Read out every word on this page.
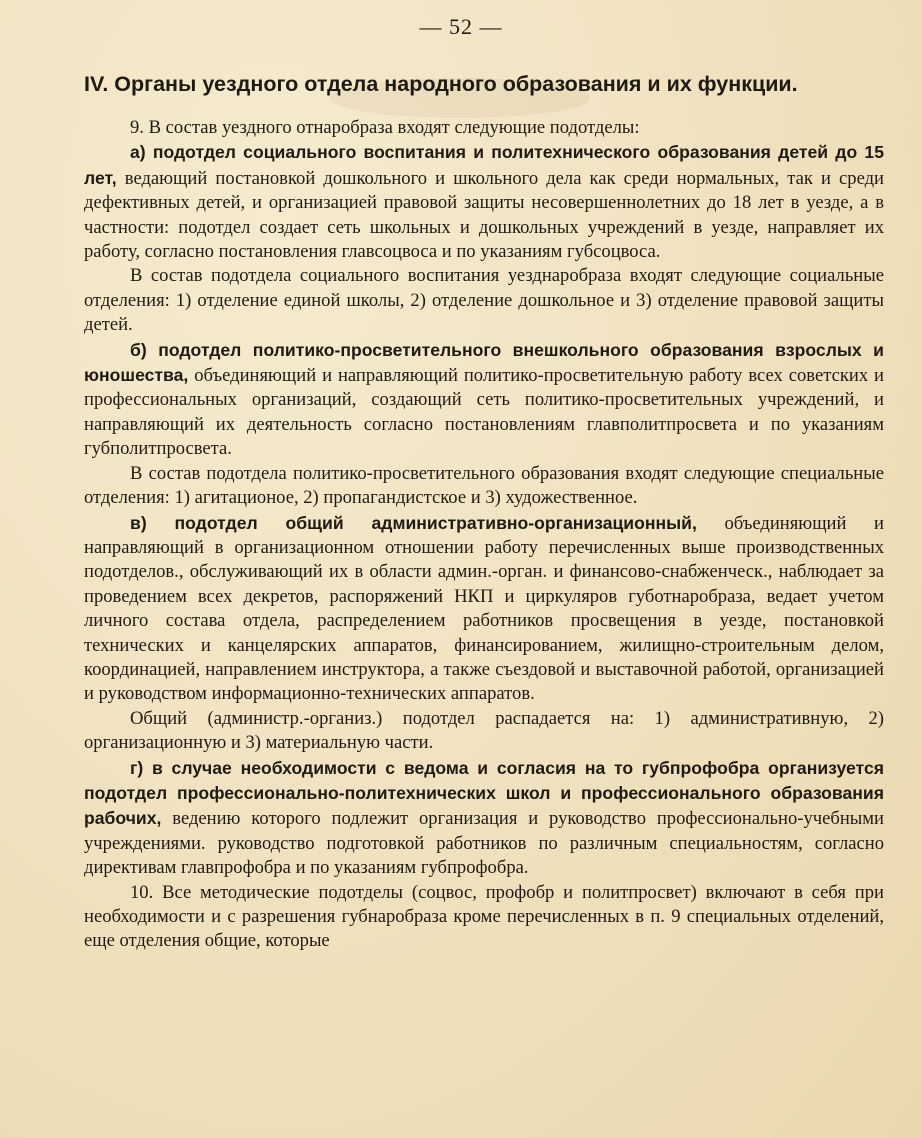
— 52 —
IV. Органы уездного отдела народного образования и их функции.

9. В состав уездного отнаробраза входят следующие подотделы:

а) подотдел социального воспитания и политехнического образования детей до 15 лет, ведающий постановкой дошкольного и школьного дела как среди нормальных, так и среди дефективных детей, и организацией правовой защиты несовершеннолетних до 18 лет в уезде, а в частности: подотдел создает сеть школьных и дошкольных учреждений в уезде, направляет их работу, согласно постановления главсоцвоса и по указаниям губсоцвоса.

В состав подотдела социального воспитания уезднаробраза входят следующие социальные отделения: 1) отделение единой школы, 2) отделение дошкольное и 3) отделение правовой защиты детей.

б) подотдел политико-просветительного внешкольного образования взрослых и юношества, объединяющий и направляющий политико-просветительную работу всех советских и профессиональных организаций, создающий сеть политико-просветительных учреждений, и направляющий их деятельность согласно постановлениям главполитпросвета и по указаниям губполитпросвета.

В состав подотдела политико-просветительного образования входят следующие специальные отделения: 1) агитационое, 2) пропагандистское и 3) художественное.

в) подотдел общий административно-организационный, объединяющий и направляющий в организационном отношении работу перечисленных выше производственных подотделов., обслуживающий их в области админ.-орган. и финансово-снабженческ., наблюдает за проведением всех декретов, распоряжений НКП и циркуляров губотнаробраза, ведает учетом личного состава отдела, распределением работников просвещения в уезде, постановкой технических и канцелярских аппаратов, финансированием, жилищно-строительным делом, координацией, направлением инструктора, а также съездовой и выставочной работой, организацией и руководством информационно-технических аппаратов.

Общий (администр.-организ.) подотдел распадается на: 1) административную, 2) организационную и 3) материальную части.

г) в случае необходимости с ведома и согласия на то губпрофобра организуется подотдел профессионально-политехнических школ и профессионального образования рабочих, ведению которого подлежит организация и руководство профессионально-учебными учреждениями. руководство подготовкой работников по различным специальностям, согласно директивам главпрофобра и по указаниям губпрофобра.

10. Все методические подотделы (соцвос, профобр и политпросвет) включают в себя при необходимости и с разрешения губнаробраза кроме перечисленных в п. 9 специальных отделений, еще отделения общие, которые
